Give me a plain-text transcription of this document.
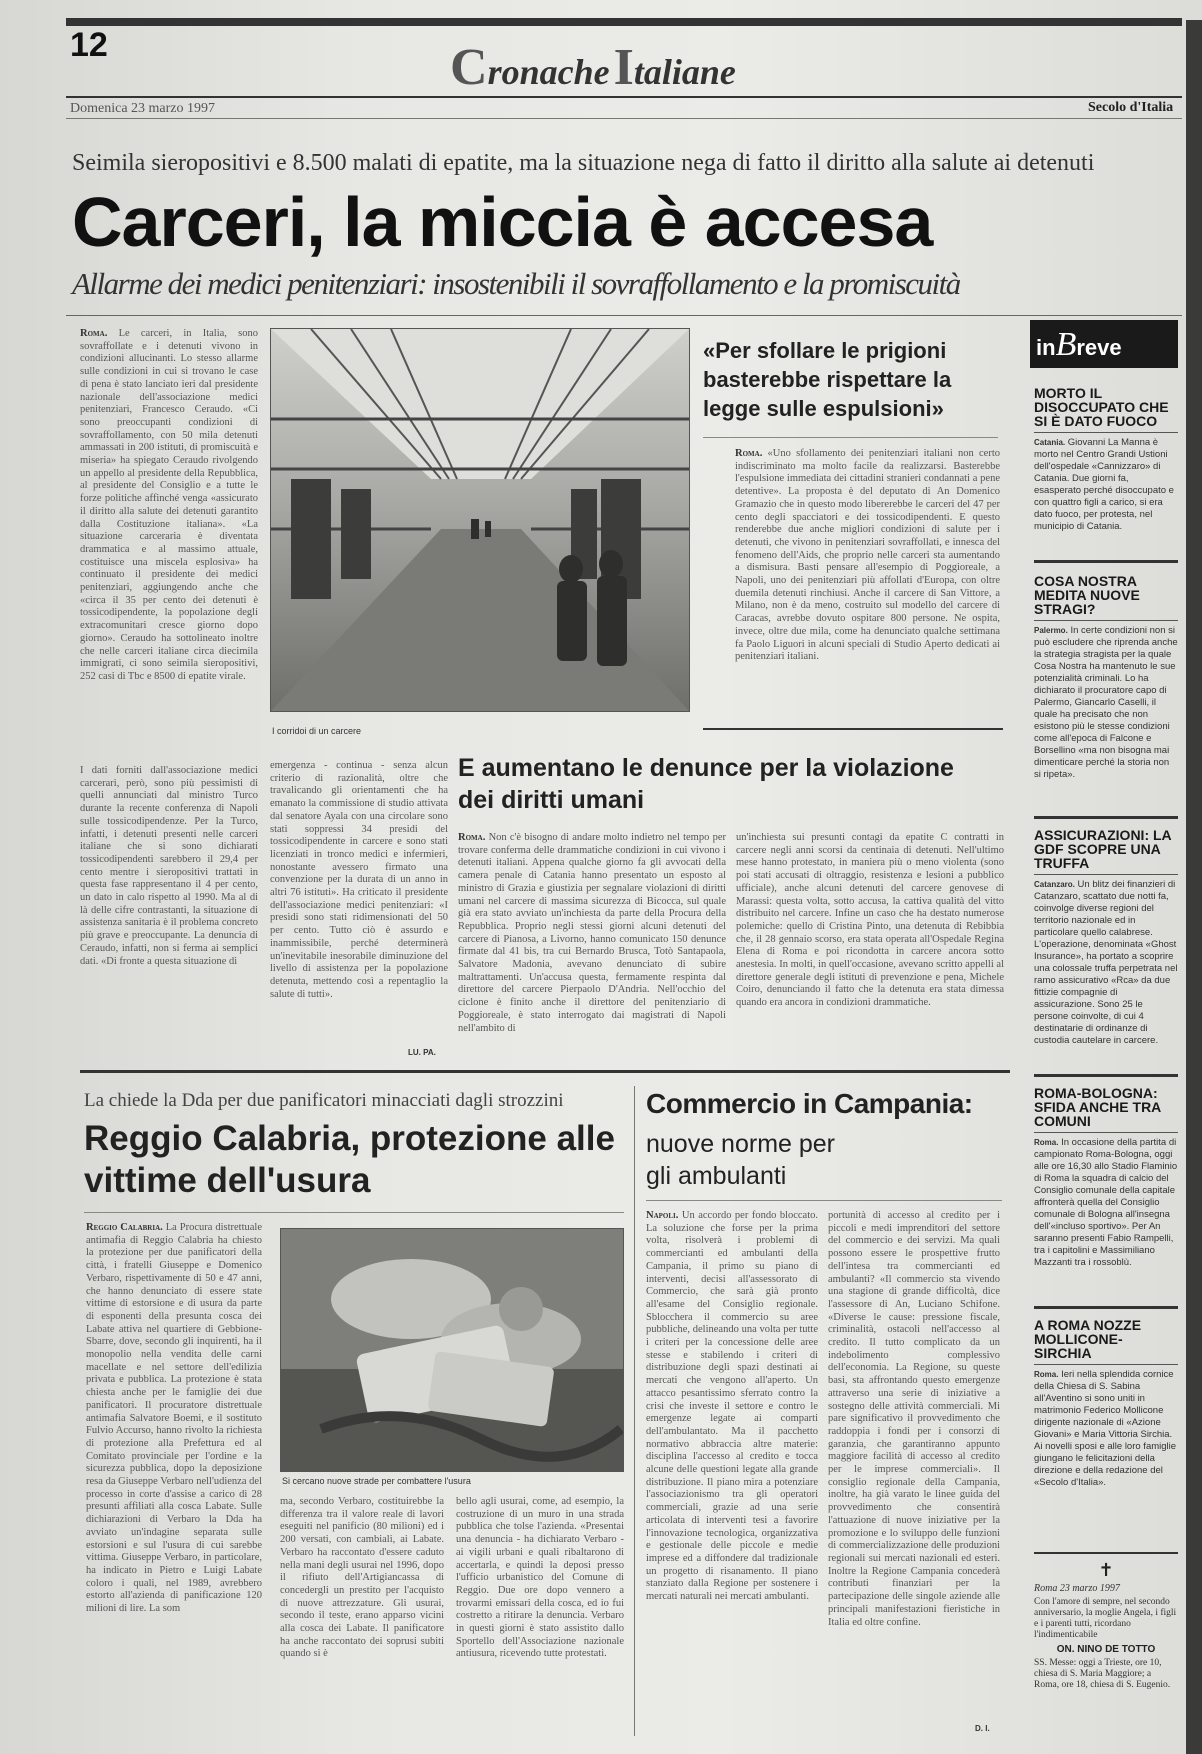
12	Cronache Italiane
Domenica 23 marzo 1997	Secolo d'Italia
Seimila sieropositivi e 8.500 malati di epatite, ma la situazione nega di fatto il diritto alla salute ai detenuti
Carceri, la miccia è accesa
Allarme dei medici penitenziari: insostenibili il sovraffollamento e la promiscuità

Roma. Le carceri, in Italia, sono sovraffollate e i detenuti vivono in condizioni allucinanti. Lo stesso allarme sulle condizioni in cui si trovano le case di pena è stato lanciato ieri dal presidente nazionale dell'associazione medici penitenziari, Francesco Ceraudo. «Ci sono preoccupanti condizioni di sovraffollamento, con 50 mila detenuti ammassati in 200 istituti, di promiscuità e miseria» ha spiegato Ceraudo rivolgendo un appello al presidente della Repubblica, al presidente del Consiglio e a tutte le forze politiche affinché venga «assicurato il diritto alla salute dei detenuti garantito dalla Costituzione italiana». «La situazione carceraria è diventata drammatica e al massimo attuale, costituisce una miscela esplosiva» ha continuato il presidente dei medici penitenziari, aggiungendo anche che «circa il 35 per cento dei detenuti è tossicodipendente, la popolazione degli extracomunitari cresce giorno dopo giorno». Ceraudo ha sottolineato inoltre che nelle carceri italiane circa diecimila immigrati, ci sono seimila sieropositivi, 252 casi di Tbc e 8500 di epatite virale.

I corridoi di un carcere
«Per sfollare le prigioni basterebbe rispettare la legge sulle espulsioni»

Roma. «Uno sfollamento dei penitenziari italiani non certo indiscriminato ma molto facile da realizzarsi. Basterebbe l'espulsione immediata dei cittadini stranieri condannati a pene detentive». La proposta è del deputato di An Domenico Gramazio che in questo modo libererebbe le carceri del 47 per cento degli spacciatori e dei tossicodipendenti. E questo renderebbe due anche migliori condizioni di salute per i detenuti, che vivono in penitenziari sovraffollati, e innesca del fenomeno dell'Aids, che proprio nelle carceri sta aumentando a dismisura. Basti pensare all'esempio di Poggioreale, a Napoli, uno dei penitenziari più affollati d'Europa, con oltre duemila detenuti rinchiusi. Anche il carcere di San Vittore, a Milano, non è da meno, costruito sul modello del carcere di Caracas, avrebbe dovuto ospitare 800 persone. Ne ospita, invece, oltre due mila, come ha denunciato qualche settimana fa Paolo Liguori in alcuni speciali di Studio Aperto dedicati ai penitenziari italiani.

I dati forniti dall'associazione medici carcerari, però, sono più pessimisti di quelli annunciati dal ministro Turco durante la recente conferenza di Napoli sulle tossicodipendenze. Per la Turco, infatti, i detenuti presenti nelle carceri italiane che si sono dichiarati tossicodipendenti sarebbero il 29,4 per cento mentre i sieropositivi trattati in questa fase rappresentano il 4 per cento, un dato in calo rispetto al 1990. Ma al di là delle cifre contrastanti, la situazione di assistenza sanitaria è il problema concreto più grave e preoccupante. La denuncia di Ceraudo, infatti, non si ferma ai semplici dati. «Di fronte a questa situazione di

emergenza - continua - senza alcun criterio di razionalità, oltre che travalicando gli orientamenti che ha emanato la commissione di studio attivata dal senatore Ayala con una circolare sono stati soppressi 34 presidi del tossicodipendente in carcere e sono stati licenziati in tronco medici e infermieri, nonostante avessero firmato una convenzione per la durata di un anno in altri 76 istituti». Ha criticato il presidente dell'associazione medici penitenziari: «I presidi sono stati ridimensionati del 50 per cento. Tutto ciò è assurdo e inammissibile, perché determinerà un'inevitabile inesorabile diminuzione del livello di assistenza per la popolazione detenuta, mettendo così a repentaglio la salute di tutti».

LU. PA.
E aumentano le denunce per la violazione dei diritti umani

Roma. Non c'è bisogno di andare molto indietro nel tempo per trovare conferma delle drammatiche condizioni in cui vivono i detenuti italiani. Appena qualche giorno fa gli avvocati della camera penale di Catania hanno presentato un esposto al ministro di Grazia e giustizia per segnalare violazioni di diritti umani nel carcere di massima sicurezza di Bicocca, sul quale già era stato avviato un'inchiesta da parte della Procura della Repubblica. Proprio negli stessi giorni alcuni detenuti del carcere di Pianosa, a Livorno, hanno comunicato 150 denunce firmate dal 41 bis, tra cui Bernardo Brusca, Totò Santapaola, Salvatore Madonia, avevano denunciato di subire maltrattamenti. Un'accusa questa, fermamente respinta dal direttore del carcere Pierpaolo D'Andria. Nell'occhio del ciclone è finito anche il direttore del penitenziario di Poggioreale, è stato interrogato dai magistrati di Napoli nell'ambito di

un'inchiesta sui presunti contagi da epatite C contratti in carcere negli anni scorsi da centinaia di detenuti. Nell'ultimo mese hanno protestato, in maniera più o meno violenta (sono poi stati accusati di oltraggio, resistenza e lesioni a pubblico ufficiale), anche alcuni detenuti del carcere genovese di Marassi: questa volta, sotto accusa, la cattiva qualità del vitto distribuito nel carcere. Infine un caso che ha destato numerose polemiche: quello di Cristina Pinto, una detenuta di Rebibbia che, il 28 gennaio scorso, era stata operata all'Ospedale Regina Elena di Roma e poi ricondotta in carcere ancora sotto anestesia. In molti, in quell'occasione, avevano scritto appelli al direttore generale degli istituti di prevenzione e pena, Michele Coiro, denunciando il fatto che la detenuta era stata dimessa quando era ancora in condizioni drammatiche.

La chiede la Dda per due panificatori minacciati dagli strozzini
Reggio Calabria, protezione alle vittime dell'usura

Reggio Calabria. La Procura distrettuale antimafia di Reggio Calabria ha chiesto la protezione per due panificatori della città, i fratelli Giuseppe e Domenico Verbaro, rispettivamente di 50 e 47 anni, che hanno denunciato di essere state vittime di estorsione e di usura da parte di esponenti della presunta cosca dei Labate attiva nel quartiere di Gebbione-Sbarre, dove, secondo gli inquirenti, ha il monopolio nella vendita delle carni macellate e nel settore dell'edilizia privata e pubblica. La protezione è stata chiesta anche per le famiglie dei due panificatori. Il procuratore distrettuale antimafia Salvatore Boemi, e il sostituto Fulvio Accurso, hanno rivolto la richiesta di protezione alla Prefettura ed al Comitato provinciale per l'ordine e la sicurezza pubblica, dopo la deposizione resa da Giuseppe Verbaro nell'udienza del processo in corte d'assise a carico di 28 presunti affiliati alla cosca Labate. Sulle dichiarazioni di Verbaro la Dda ha avviato un'indagine separata sulle estorsioni e sul l'usura di cui sarebbe vittima. Giuseppe Verbaro, in particolare, ha indicato in Pietro e Luigi Labate coloro i quali, nel 1989, avrebbero estorto all'azienda di panificazione 120 milioni di lire. La som

Si cercano nuove strade per combattere l'usura

ma, secondo Verbaro, costituirebbe la differenza tra il valore reale di lavori eseguiti nel panificio (80 milioni) ed i 200 versati, con cambiali, ai Labate. Verbaro ha raccontato d'essere caduto nella mani degli usurai nel 1996, dopo il rifiuto dell'Artigiancassa di concedergli un prestito per l'acquisto di nuove attrezzature. Gli usurai, secondo il teste, erano apparso vicini alla cosca dei Labate. Il panificatore ha anche raccontato dei soprusi subiti quando si è

bello agli usurai, come, ad esempio, la costruzione di un muro in una strada pubblica che tolse l'azienda. «Presentai una denuncia - ha dichiarato Verbaro - ai vigili urbani e quali ribaltarono di accertarla, e quindi la deposi presso l'ufficio urbanistico del Comune di Reggio. Due ore dopo vennero a trovarmi emissari della cosca, ed io fui costretto a ritirare la denuncia. Verbaro in questi giorni è stato assistito dallo Sportello dell'Associazione nazionale antiusura, ricevendo tutte protestati.

Commercio in Campania:
nuove norme per gli ambulanti

Napoli. Un accordo per fondo bloccato. La soluzione che forse per la prima volta, risolverà i problemi di commercianti ed ambulanti della Campania, il primo su piano di interventi, decisi all'assessorato di Commercio, che sarà già pronto all'esame del Consiglio regionale. Sblocchera il commercio su aree pubbliche, delineando una volta per tutte i criteri per la concessione delle aree stesse e stabilendo i criteri di distribuzione degli spazi destinati ai mercati che vengono all'aperto. Un attacco pesantissimo sferrato contro la crisi che investe il settore e contro le emergenze legate ai comparti dell'ambulantato. Ma il pacchetto normativo abbraccia altre materie: disciplina l'accesso al credito e tocca alcune delle questioni legate alla grande distribuzione. Il piano mira a potenziare l'associazionismo tra gli operatori commerciali, grazie ad una serie articolata di interventi tesi a favorire l'innovazione tecnologica, organizzativa e gestionale delle piccole e medie imprese ed a diffondere dal tradizionale un progetto di risanamento. Il piano stanziato dalla Regione per sostenere i mercati naturali nei mercati ambulanti.

portunità di accesso al credito per i piccoli e medi imprenditori del settore del commercio e dei servizi. Ma quali possono essere le prospettive frutto dell'intesa tra commercianti ed ambulanti? «Il commercio sta vivendo una stagione di grande difficoltà, dice l'assessore di An, Luciano Schifone. «Diverse le cause: pressione fiscale, criminalità, ostacoli nell'accesso al credito. Il tutto complicato da un indebolimento complessivo dell'economia. La Regione, su queste basi, sta affrontando questo emergenze attraverso una serie di iniziative a sostegno delle attività commerciali. Mi pare significativo il provvedimento che raddoppia i fondi per i consorzi di garanzia, che garantiranno appunto maggiore facilità di accesso al credito per le imprese commerciali». Il consiglio regionale della Campania, inoltre, ha già varato le linee guida del provvedimento che consentirà l'attuazione di nuove iniziative per la promozione e lo sviluppo delle funzioni di commercializzazione delle produzioni regionali sui mercati nazionali ed esteri. Inoltre la Regione Campania concederà contributi finanziari per la partecipazione delle singole aziende alle principali manifestazioni fieristiche in Italia ed oltre confine.

D. I.
inBreve
MORTO IL DISOCCUPATO CHE SI È DATO FUOCO

Catania. Giovanni La Manna è morto nel Centro Grandi Ustioni dell'ospedale «Cannizzaro» di Catania. Due giorni fa, esasperato perché disoccupato e con quattro figli a carico, si era dato fuoco, per protesta, nel municipio di Catania.

COSA NOSTRA MEDITA NUOVE STRAGI?

Palermo. In certe condizioni non si può escludere che riprenda anche la strategia stragista per la quale Cosa Nostra ha mantenuto le sue potenzialità criminali. Lo ha dichiarato il procuratore capo di Palermo, Giancarlo Caselli, il quale ha precisato che non esistono più le stesse condizioni come all'epoca di Falcone e Borsellino «ma non bisogna mai dimenticare perché la storia non si ripeta».

ASSICURAZIONI: LA GDF SCOPRE UNA TRUFFA

Catanzaro. Un blitz dei finanzieri di Catanzaro, scattato due notti fa, coinvolge diverse regioni del territorio nazionale ed in particolare quello calabrese. L'operazione, denominata «Ghost Insurance», ha portato a scoprire una colossale truffa perpetrata nel ramo assicurativo «Rca» da due fittizie compagnie di assicurazione. Sono 25 le persone coinvolte, di cui 4 destinatarie di ordinanze di custodia cautelare in carcere.

ROMA-BOLOGNA: SFIDA ANCHE TRA COMUNI

Roma. In occasione della partita di campionato Roma-Bologna, oggi alle ore 16,30 allo Stadio Flaminio di Roma la squadra di calcio del Consiglio comunale della capitale affronterà quella del Consiglio comunale di Bologna all'insegna dell'«incluso sportivo». Per An saranno presenti Fabio Rampelli, tra i capitolini e Massimiliano Mazzanti tra i rossoblù.

A ROMA NOZZE MOLLICONE-SIRCHIA

Roma. Ieri nella splendida cornice della Chiesa di S. Sabina all'Aventino si sono uniti in matrimonio Federico Mollicone dirigente nazionale di «Azione Giovani» e Maria Vittoria Sirchia. Ai novelli sposi e alle loro famiglie giungano le felicitazioni della direzione e della redazione del «Secolo d'Italia».

✝
Roma 23 marzo 1997

Con l'amore di sempre, nel secondo anniversario, la moglie Angela, i figli e i parenti tutti, ricordano l'indimenticabile

ON. NINO DE TOTTO

SS. Messe: oggi a Trieste, ore 10, chiesa di S. Maria Maggiore; a Roma, ore 18, chiesa di S. Eugenio.
